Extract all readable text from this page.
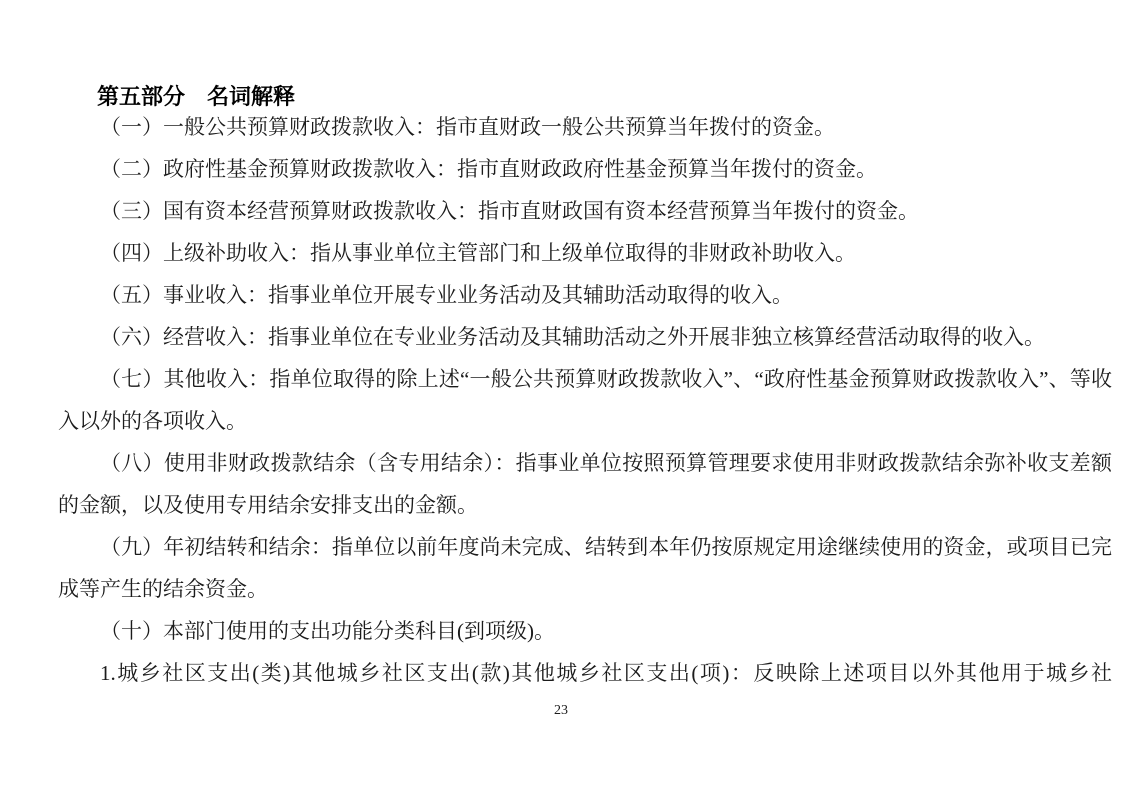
第五部分　名词解释

（一）一般公共预算财政拨款收入：指市直财政一般公共预算当年拨付的资金。

（二）政府性基金预算财政拨款收入：指市直财政政府性基金预算当年拨付的资金。

（三）国有资本经营预算财政拨款收入：指市直财政国有资本经营预算当年拨付的资金。

（四）上级补助收入：指从事业单位主管部门和上级单位取得的非财政补助收入。

（五）事业收入：指事业单位开展专业业务活动及其辅助活动取得的收入。

（六）经营收入：指事业单位在专业业务活动及其辅助活动之外开展非独立核算经营活动取得的收入。

（七）其他收入：指单位取得的除上述“一般公共预算财政拨款收入”、“政府性基金预算财政拨款收入”、等收入以外的各项收入。

（八）使用非财政拨款结余（含专用结余）：指事业单位按照预算管理要求使用非财政拨款结余弥补收支差额的金额，以及使用专用结余安排支出的金额。

（九）年初结转和结余：指单位以前年度尚未完成、结转到本年仍按原规定用途继续使用的资金，或项目已完成等产生的结余资金。

（十）本部门使用的支出功能分类科目(到项级)。

1.城乡社区支出(类)其他城乡社区支出(款)其他城乡社区支出(项)：反映除上述项目以外其他用于城乡社

23
